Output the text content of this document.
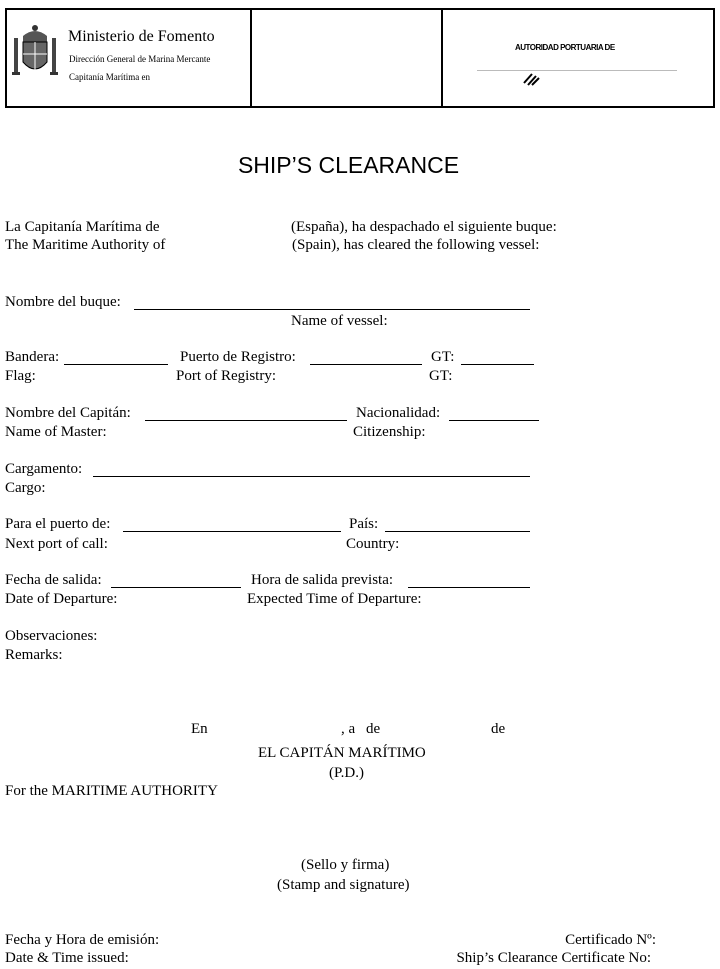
Ministerio de Fomento
Dirección General de Marina Mercante
Capitanía Marítima en
AUTORIDAD PORTUARIA DE
SHIP’S CLEARANCE
La Capitanía Marítima de	(España), ha despachado el siguiente buque:
The Maritime Authority of	(Spain), has cleared the following vessel:
Nombre del buque:
Name of vessel:
Bandera:	Puerto de Registro:	GT:
Flag:	Port of Registry:	GT:
Nombre del Capitán:	Nacionalidad:
Name of Master:	Citizenship:
Cargamento:
Cargo:
Para el puerto de:	País:
Next port of call:	Country:
Fecha de salida:	Hora de salida prevista:
Date of Departure:	Expected Time of Departure:
Observaciones:
Remarks:
En	, a de	de
EL CAPITÁN MARÍTIMO
(P.D.)
For the MARITIME AUTHORITY
(Sello y firma)
(Stamp and signature)
Fecha y Hora de emisión:
Date & Time issued:
Certificado Nº:
Ship’s Clearance Certificate No:
